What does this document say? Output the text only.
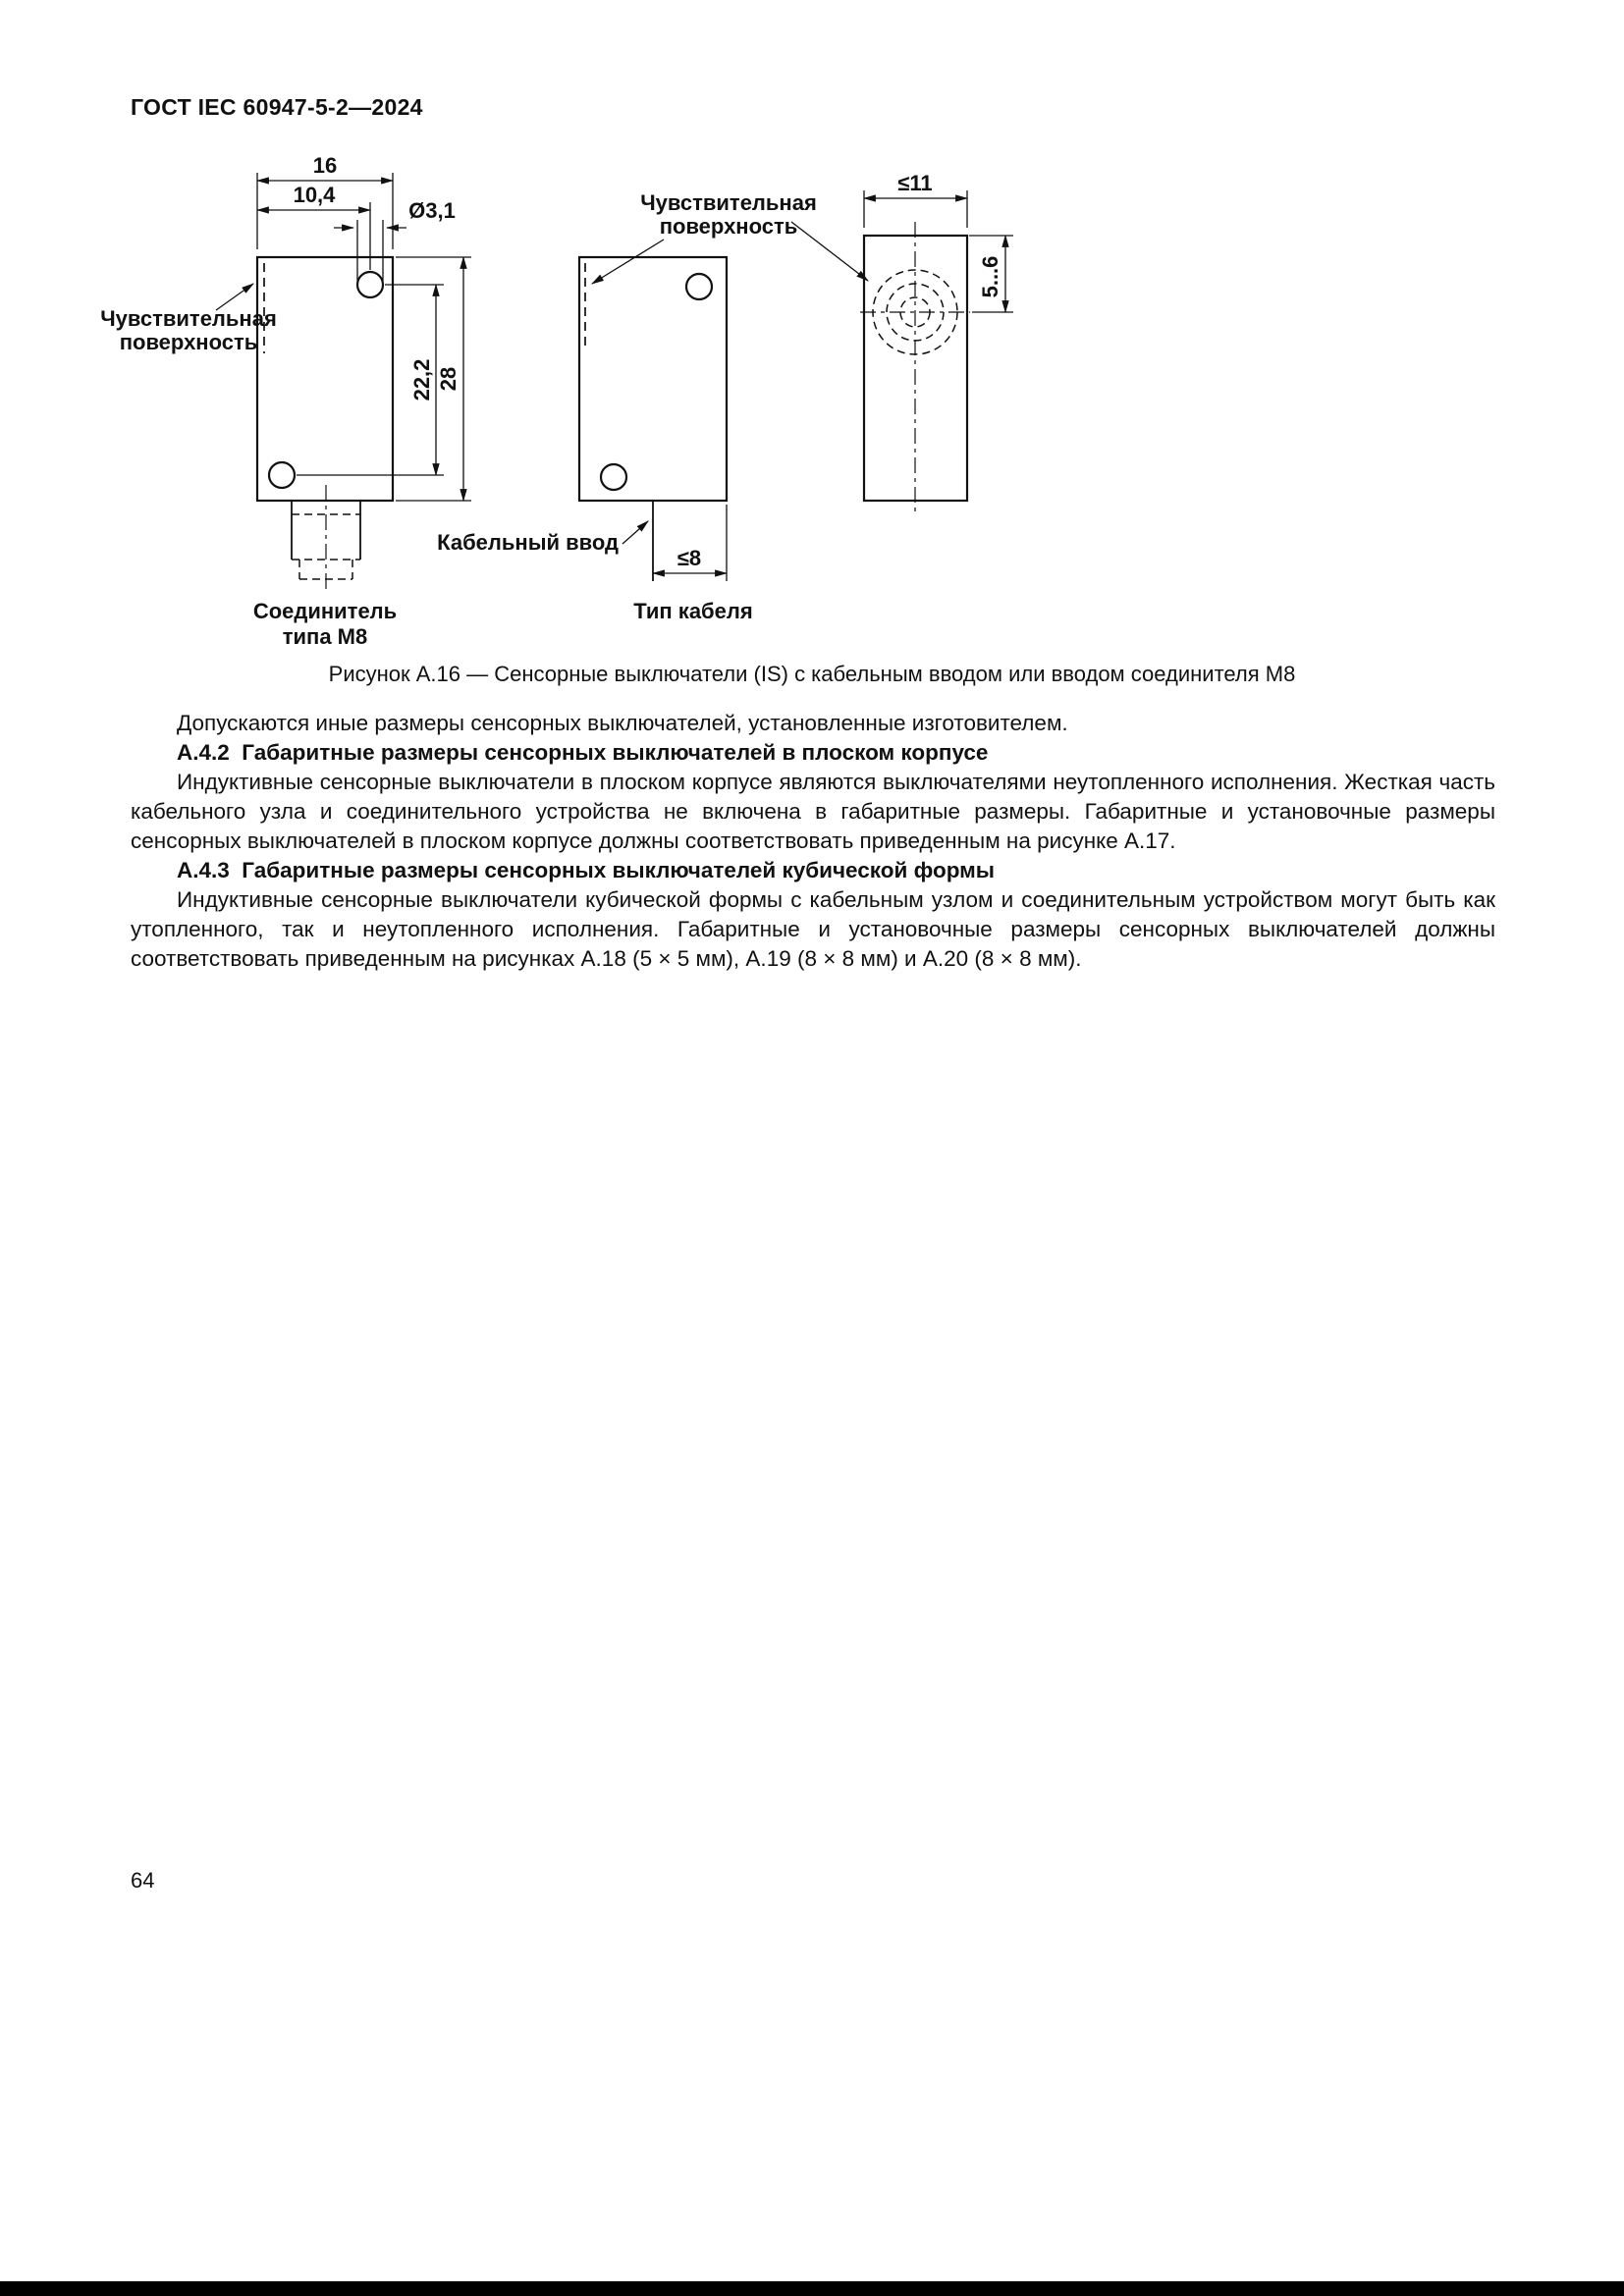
ГОСТ IEC 60947-5-2—2024
16
10,4
Ø3,1
22,2 28
Чувствительная
поверхность
Соединитель
типа М8
Чувствительная
поверхность
Кабельный ввод
≤8
Тип кабеля
≤11
5...6
Рисунок А.16 — Сенсорные выключатели (IS) с кабельным вводом или вводом соединителя М8

Допускаются иные размеры сенсорных выключателей, установленные изготовителем.

А.4.2  Габаритные размеры сенсорных выключателей в плоском корпусе

Индуктивные сенсорные выключатели в плоском корпусе являются выключателями неутопленного исполнения. Жесткая часть кабельного узла и соединительного устройства не включена в габаритные размеры. Габаритные и установочные размеры сенсорных выключателей в плоском корпусе должны соответствовать приведенным на рисунке А.17.

А.4.3  Габаритные размеры сенсорных выключателей кубической формы

Индуктивные сенсорные выключатели кубической формы с кабельным узлом и соединительным устройством могут быть как утопленного, так и неутопленного исполнения. Габаритные и установочные размеры сенсорных выключателей должны соответствовать приведенным на рисунках А.18 (5 × 5 мм), А.19 (8 × 8 мм) и А.20 (8 × 8 мм).

64
